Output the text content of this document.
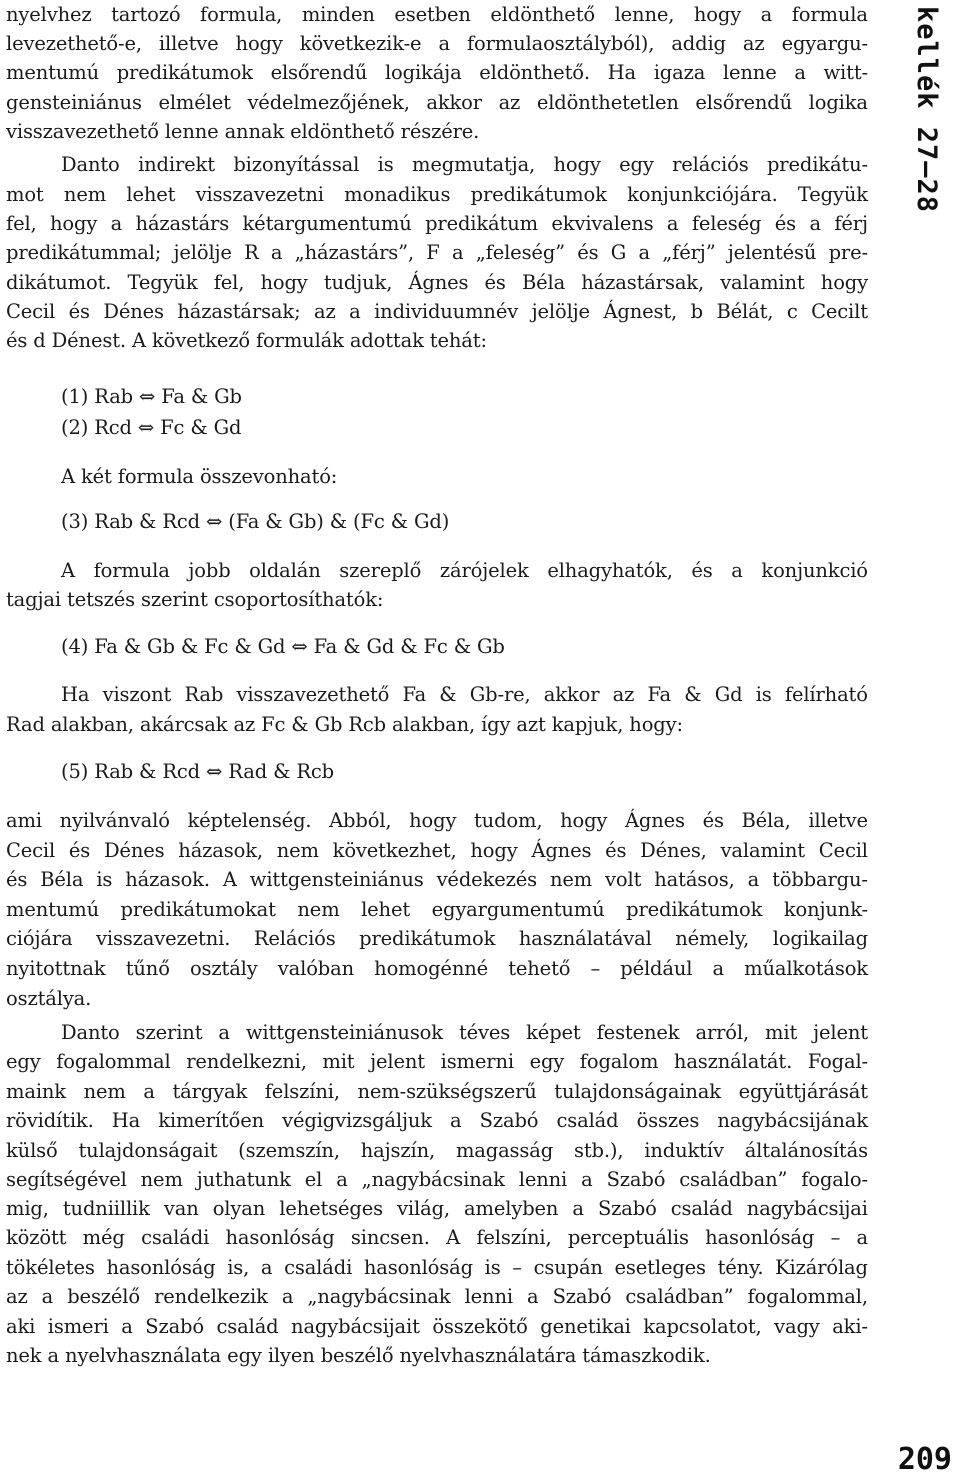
nyelvhez tartozó formula, minden esetben eldönthető lenne, hogy a formula
levezethető-e, illetve hogy következik-e a formulaosztályból), addig az egyargu-
mentumú predikátumok elsőrendű logikája eldönthető. Ha igaza lenne a witt-
gensteiniánus elmélet védelmezőjének, akkor az eldönthetetlen elsőrendű logika
visszavezethető lenne annak eldönthető részére.
Danto indirekt bizonyítással is megmutatja, hogy egy relációs predikátu-
mot nem lehet visszavezetni monadikus predikátumok konjunkciójára. Tegyük
fel, hogy a házastárs kétargumentumú predikátum ekvivalens a feleség és a férj
predikátummal; jelölje R a „házastárs”, F a „feleség” és G a „férj” jelentésű pre-
dikátumot. Tegyük fel, hogy tudjuk, Ágnes és Béla házastársak, valamint hogy
Cecil és Dénes házastársak; az a individuumnév jelölje Ágnest, b Bélát, c Cecilt
és d Dénest. A következő formulák adottak tehát:
(1) Rab ⇔ Fa & Gb
(2) Rcd ⇔ Fc & Gd
A két formula összevonható:
(3) Rab & Rcd ⇔ (Fa & Gb) & (Fc & Gd)
A formula jobb oldalán szereplő zárójelek elhagyhatók, és a konjunkció
tagjai tetszés szerint csoportosíthatók:
(4) Fa & Gb & Fc & Gd ⇔ Fa & Gd & Fc & Gb
Ha viszont Rab visszavezethető Fa & Gb-re, akkor az Fa & Gd is felírható
Rad alakban, akárcsak az Fc & Gb Rcb alakban, így azt kapjuk, hogy:
(5) Rab & Rcd ⇔ Rad & Rcb
ami nyilvánvaló képtelenség. Abból, hogy tudom, hogy Ágnes és Béla, illetve
Cecil és Dénes házasok, nem következhet, hogy Ágnes és Dénes, valamint Cecil
és Béla is házasok. A wittgensteiniánus védekezés nem volt hatásos, a többargu-
mentumú predikátumokat nem lehet egyargumentumú predikátumok konjunk-
ciójára visszavezetni. Relációs predikátumok használatával némely, logikailag
nyitottnak tűnő osztály valóban homogénné tehető – például a műalkotások
osztálya.
Danto szerint a wittgensteiniánusok téves képet festenek arról, mit jelent
egy fogalommal rendelkezni, mit jelent ismerni egy fogalom használatát. Fogal-
maink nem a tárgyak felszíni, nem-szükségszerű tulajdonságainak együttjárását
rövidítik. Ha kimerítően végigvizsgáljuk a Szabó család összes nagybácsijának
külső tulajdonságait (szemszín, hajszín, magasság stb.), induktív általánosítás
segítségével nem juthatunk el a „nagybácsinak lenni a Szabó családban” fogalo-
mig, tudniillik van olyan lehetséges világ, amelyben a Szabó család nagybácsijai
között még családi hasonlóság sincsen. A felszíni, perceptuális hasonlóság – a
tökéletes hasonlóság is, a családi hasonlóság is – csupán esetleges tény. Kizárólag
az a beszélő rendelkezik a „nagybácsinak lenni a Szabó családban” fogalommal,
aki ismeri a Szabó család nagybácsijait összekötő genetikai kapcsolatot, vagy aki-
nek a nyelvhasználata egy ilyen beszélő nyelvhasználatára támaszkodik.
kellék 27–28
209
